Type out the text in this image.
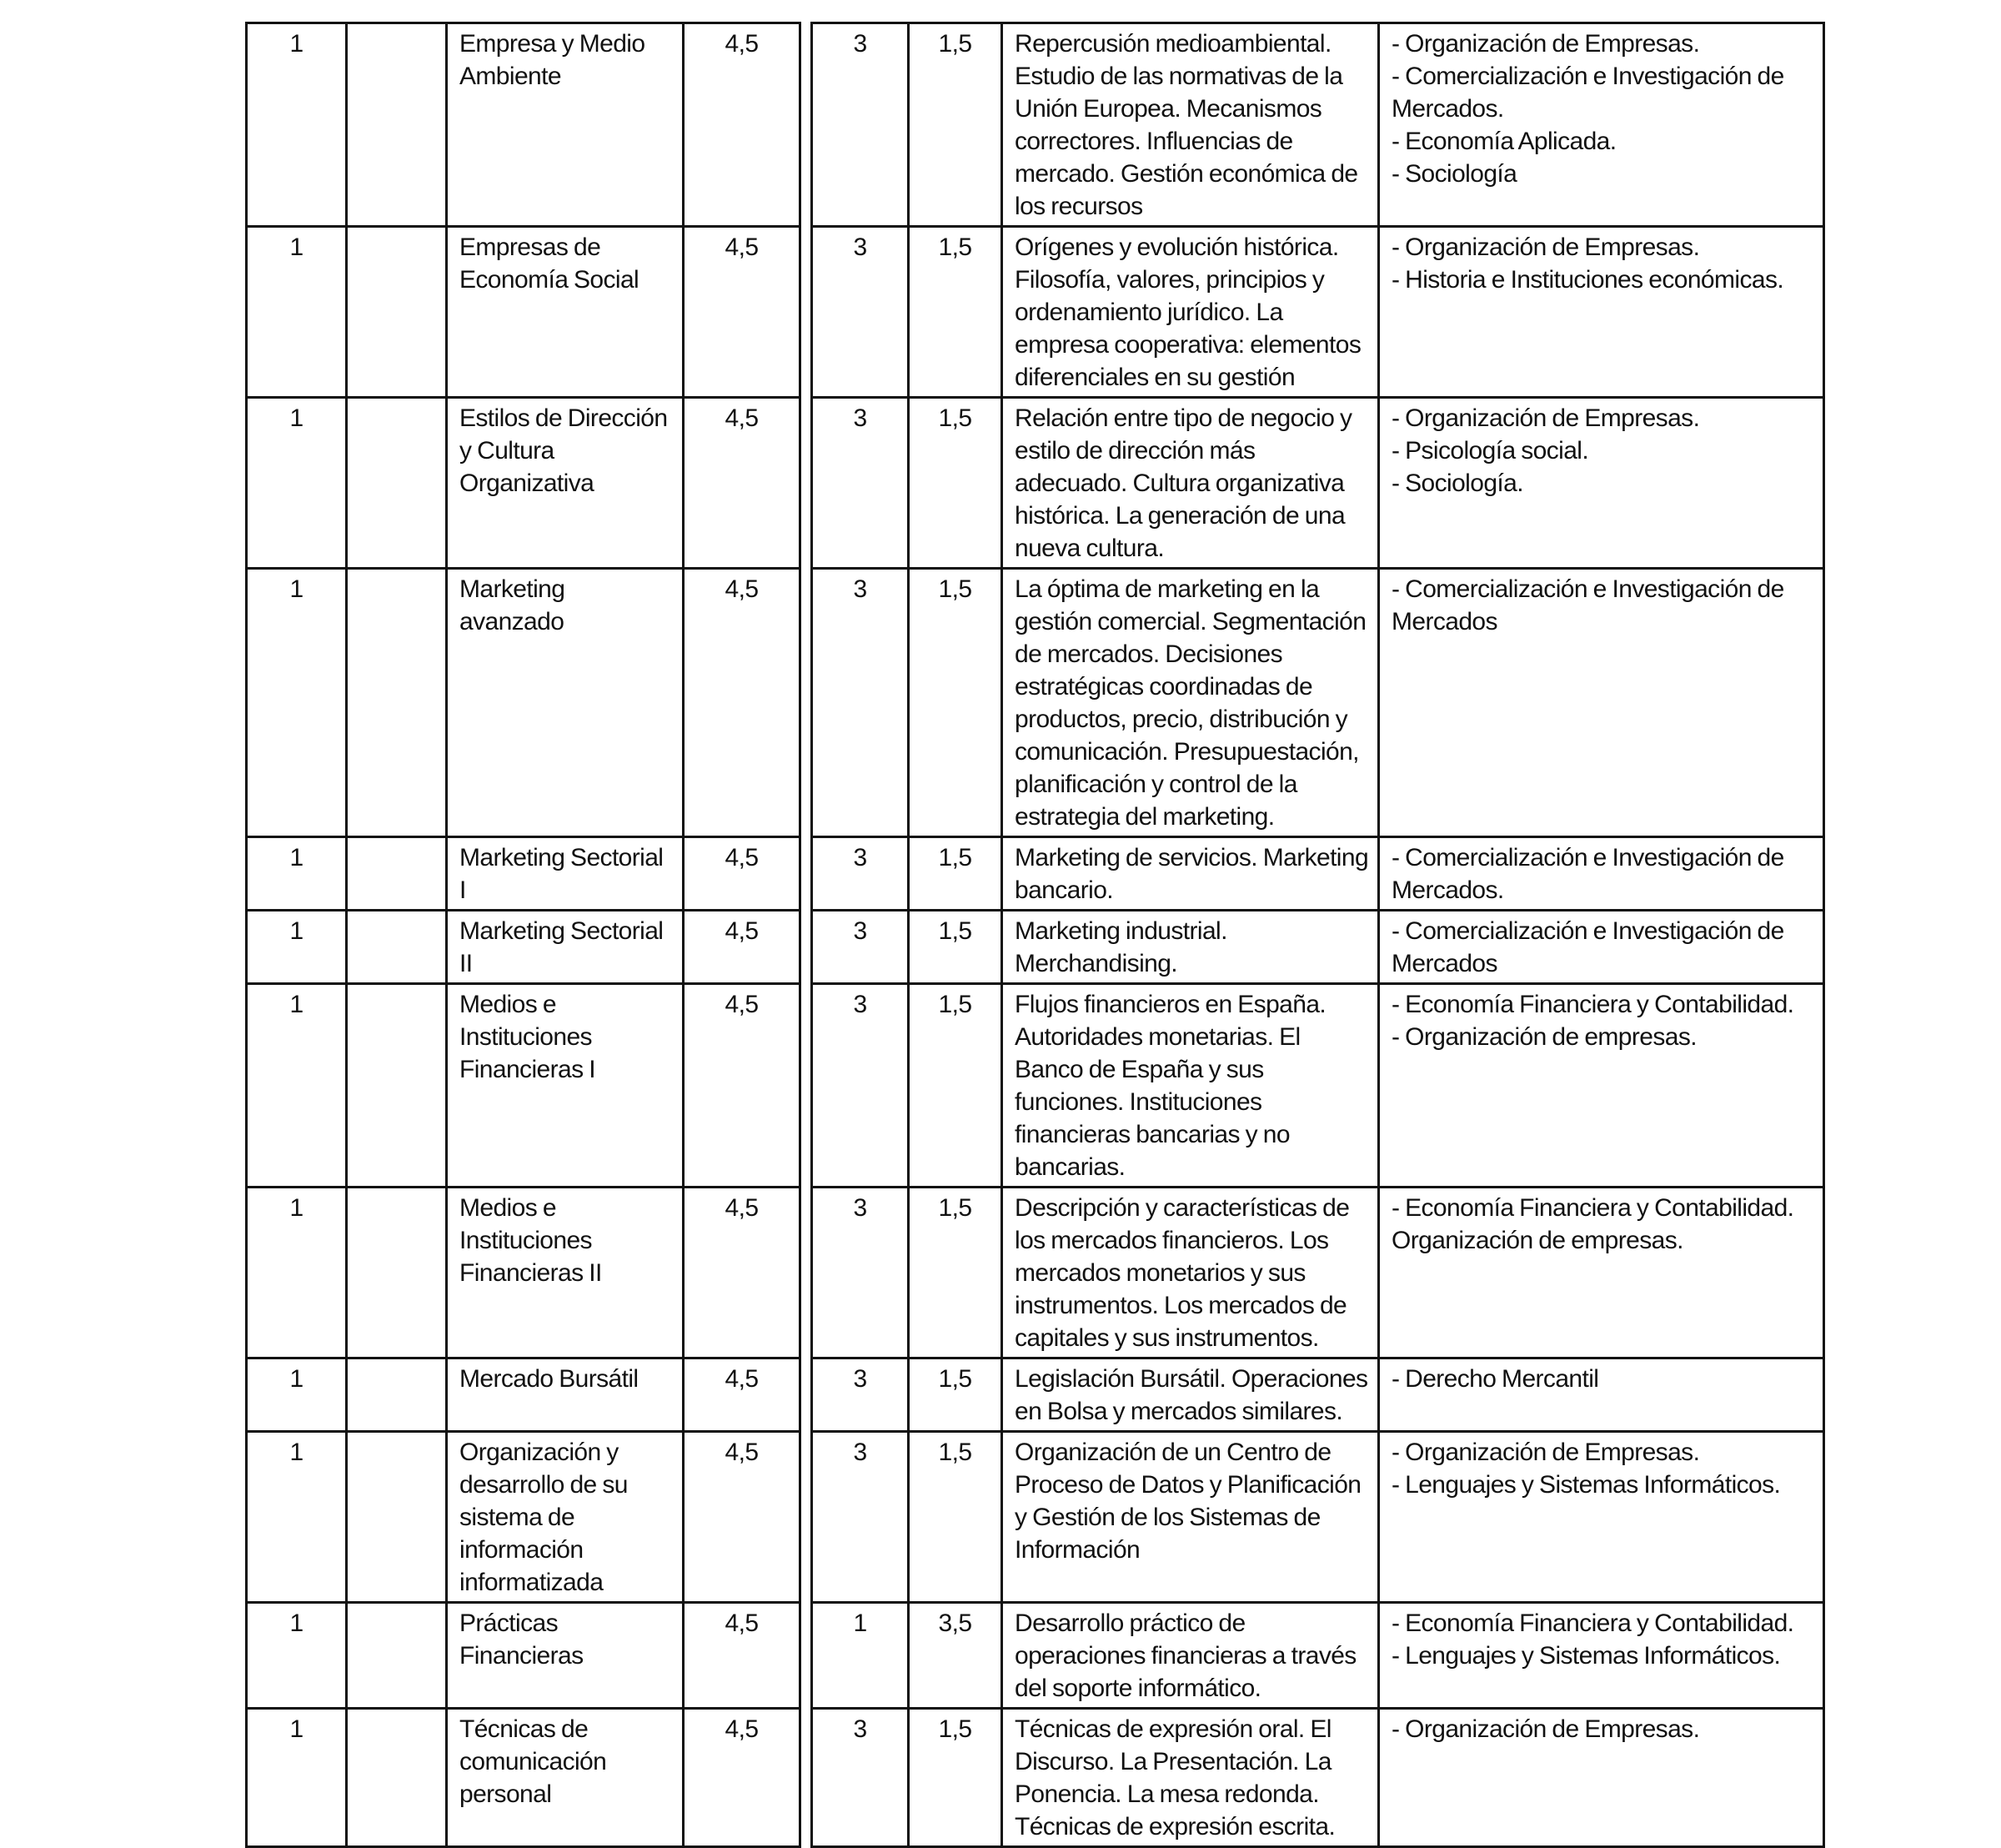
1		Empresa y Medio Ambiente	4,5		3	1,5	Repercusión medioambiental. Estudio de las normativas de la Unión Europea. Mecanismos correctores. Influencias de mercado. Gestión económica de los recursos	- Organización de Empresas.
- Comercialización e Investigación de Mercados.
- Economía Aplicada.
- Sociología

1		Empresas de Economía Social	4,5		3	1,5	Orígenes y evolución histórica. Filosofía, valores, principios y ordenamiento jurídico. La empresa cooperativa: elementos diferenciales en su gestión	- Organización de Empresas.
- Historia e Instituciones económicas.

1		Estilos de Dirección y Cultura Organizativa	4,5		3	1,5	Relación entre tipo de negocio y estilo de dirección más adecuado. Cultura organizativa histórica. La generación de una nueva cultura.	- Organización de Empresas.
- Psicología social.
- Sociología.

1		Marketing avanzado	4,5		3	1,5	La óptima de marketing en la gestión comercial. Segmentación de mercados. Decisiones estratégicas coordinadas de productos, precio, distribución y comunicación. Presupuestación, planificación y control de la estrategia del marketing.	- Comercialización e Investigación de Mercados

1		Marketing Sectorial I	4,5		3	1,5	Marketing de servicios. Marketing bancario.	- Comercialización e Investigación de Mercados.

1		Marketing Sectorial II	4,5		3	1,5	Marketing industrial. Merchandising.	- Comercialización e Investigación de Mercados

1		Medios e Instituciones Financieras I	4,5		3	1,5	Flujos financieros en España. Autoridades monetarias. El Banco de España y sus funciones. Instituciones financieras bancarias y no bancarias.	- Economía Financiera y Contabilidad.
- Organización de empresas.

1		Medios e Instituciones Financieras II	4,5		3	1,5	Descripción y características de los mercados financieros. Los mercados monetarios y sus instrumentos. Los mercados de capitales y sus instrumentos.	- Economía Financiera y Contabilidad.
Organización de empresas.

1		Mercado Bursátil	4,5		3	1,5	Legislación Bursátil. Operaciones en Bolsa y mercados similares.	- Derecho Mercantil

1		Organización y desarrollo de su sistema de información informatizada	4,5		3	1,5	Organización de un Centro de Proceso de Datos y Planificación y Gestión de los Sistemas de Información	- Organización de Empresas.
- Lenguajes y Sistemas Informáticos.

1		Prácticas Financieras	4,5		1	3,5	Desarrollo práctico de operaciones financieras a través del soporte informático.	- Economía Financiera y Contabilidad.
- Lenguajes y Sistemas Informáticos.

1		Técnicas de comunicación personal	4,5		3	1,5	Técnicas de expresión oral. El Discurso. La Presentación. La Ponencia. La mesa redonda. Técnicas de expresión escrita.	- Organización de Empresas.
